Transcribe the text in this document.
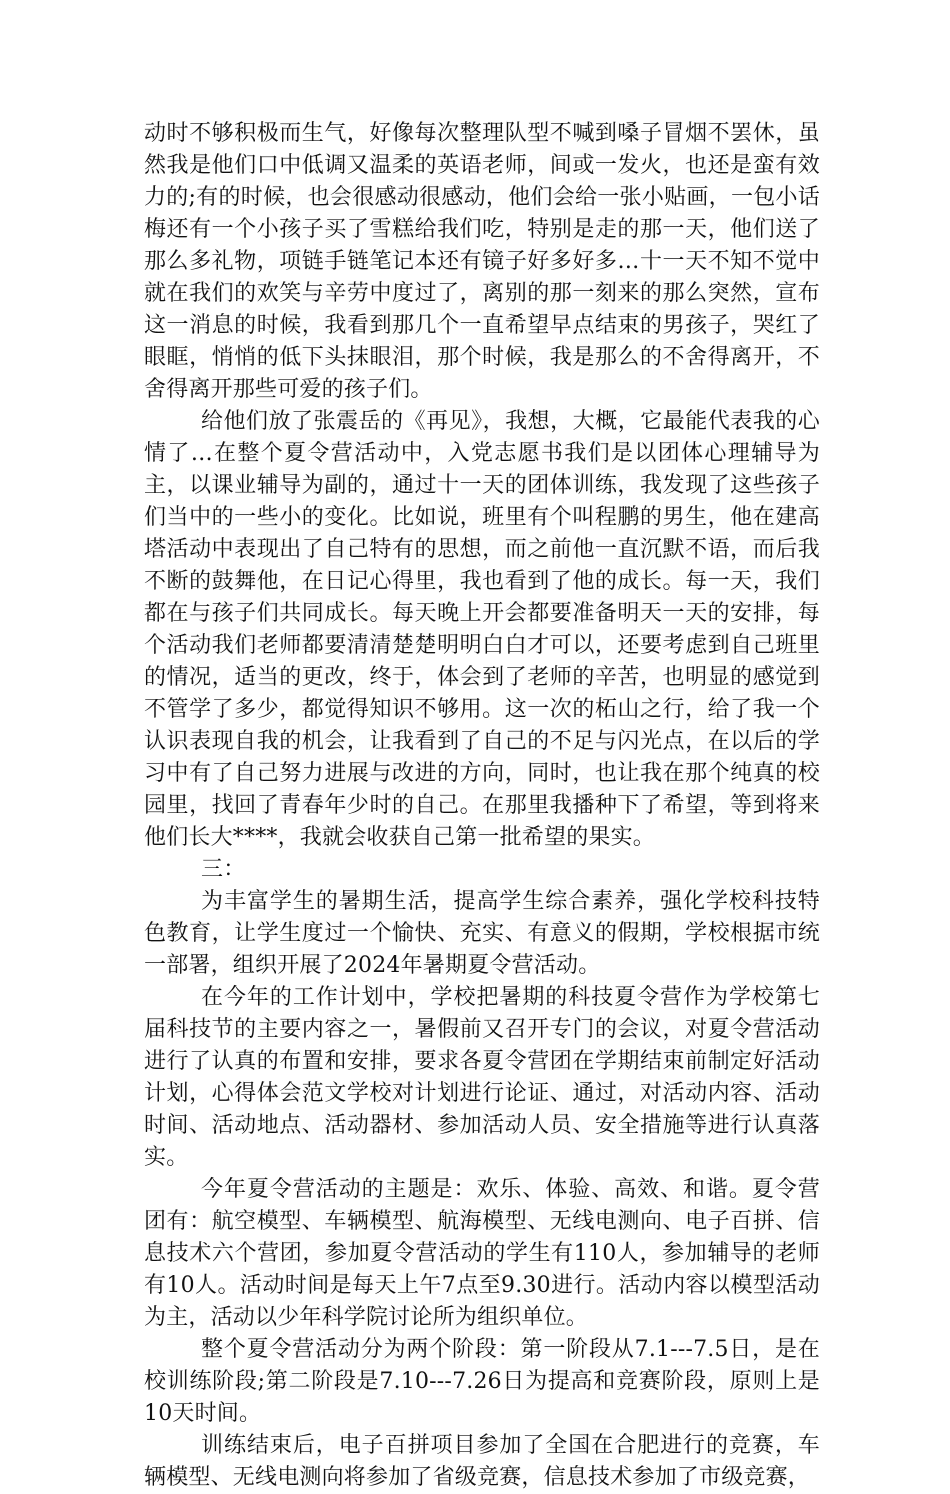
动时不够积极而生气，好像每次整理队型不喊到嗓子冒烟不罢休，虽然我是他们口中低调又温柔的英语老师，间或一发火，也还是蛮有效力的;有的时候，也会很感动很感动，他们会给一张小贴画，一包小话梅还有一个小孩子买了雪糕给我们吃，特别是走的那一天，他们送了那么多礼物，项链手链笔记本还有镜子好多好多…十一天不知不觉中就在我们的欢笑与辛劳中度过了，离别的那一刻来的那么突然，宣布这一消息的时候，我看到那几个一直希望早点结束的男孩子，哭红了眼眶，悄悄的低下头抹眼泪，那个时候，我是那么的不舍得离开，不舍得离开那些可爱的孩子们。

给他们放了张震岳的《再见》，我想，大概，它最能代表我的心情了…在整个夏令营活动中，入党志愿书我们是以团体心理辅导为主，以课业辅导为副的，通过十一天的团体训练，我发现了这些孩子们当中的一些小的变化。比如说，班里有个叫程鹏的男生，他在建高塔活动中表现出了自己特有的思想，而之前他一直沉默不语，而后我不断的鼓舞他，在日记心得里，我也看到了他的成长。每一天，我们都在与孩子们共同成长。每天晚上开会都要准备明天一天的安排，每个活动我们老师都要清清楚楚明明白白才可以，还要考虑到自己班里的情况，适当的更改，终于，体会到了老师的辛苦，也明显的感觉到不管学了多少，都觉得知识不够用。这一次的柘山之行，给了我一个认识表现自我的机会，让我看到了自己的不足与闪光点，在以后的学习中有了自己努力进展与改进的方向，同时，也让我在那个纯真的校园里，找回了青春年少时的自己。在那里我播种下了希望，等到将来他们长大****，我就会收获自己第一批希望的果实。

三：

为丰富学生的暑期生活，提高学生综合素养，强化学校科技特色教育，让学生度过一个愉快、充实、有意义的假期，学校根据市统一部署，组织开展了2024年暑期夏令营活动。

在今年的工作计划中，学校把暑期的科技夏令营作为学校第七届科技节的主要内容之一，暑假前又召开专门的会议，对夏令营活动进行了认真的布置和安排，要求各夏令营团在学期结束前制定好活动计划，心得体会范文学校对计划进行论证、通过，对活动内容、活动时间、活动地点、活动器材、参加活动人员、安全措施等进行认真落实。

今年夏令营活动的主题是：欢乐、体验、高效、和谐。夏令营团有：航空模型、车辆模型、航海模型、无线电测向、电子百拼、信息技术六个营团，参加夏令营活动的学生有110人，参加辅导的老师有10人。活动时间是每天上午7点至9.30进行。活动内容以模型活动为主，活动以少年科学院讨论所为组织单位。

整个夏令营活动分为两个阶段：第一阶段从7.1---7.5日，是在校训练阶段;第二阶段是7.10---7.26日为提高和竞赛阶段，原则上是10天时间。

训练结束后，电子百拼项目参加了全国在合肥进行的竞赛，车辆模型、无线电测向将参加了省级竞赛，信息技术参加了市级竞赛，
